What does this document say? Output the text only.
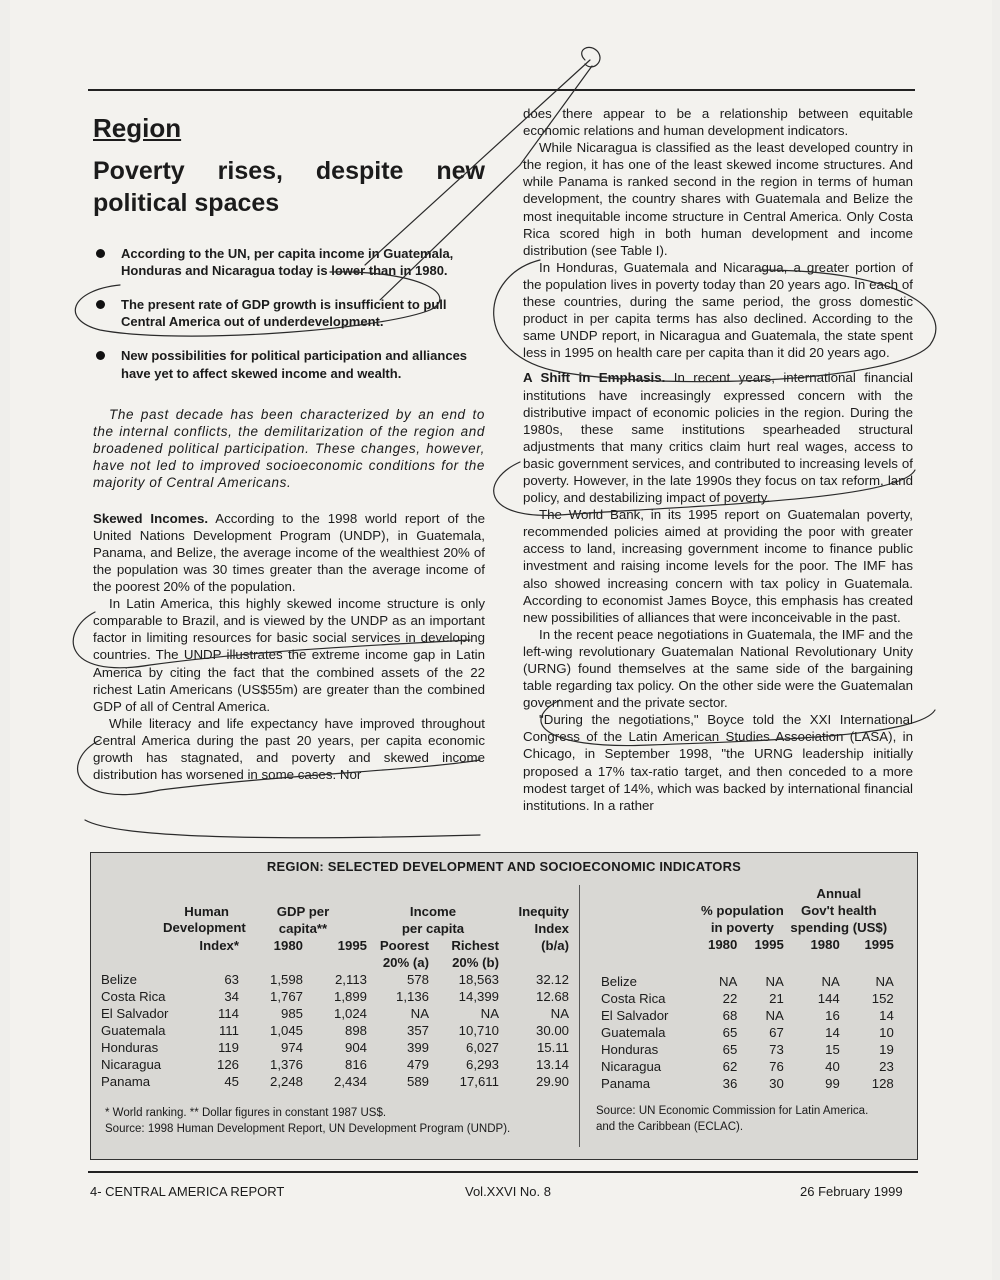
Region
Poverty rises, despite new political spaces
According to the UN, per capita income in Guatemala, Honduras and Nicaragua today is lower than in 1980.
The present rate of GDP growth is insufficient to pull Central America out of underdevelopment.
New possibilities for political participation and alliances have yet to affect skewed income and wealth.

The past decade has been characterized by an end to the internal conflicts, the demilitarization of the region and broadened political participation. These changes, however, have not led to improved socioeconomic conditions for the majority of Central Americans.

Skewed Incomes. According to the 1998 world report of the United Nations Development Program (UNDP), in Guatemala, Panama, and Belize, the average income of the wealthiest 20% of the population was 30 times greater than the average income of the poorest 20% of the population.

In Latin America, this highly skewed income structure is only comparable to Brazil, and is viewed by the UNDP as an important factor in limiting resources for basic social services in developing countries. The UNDP illustrates the extreme income gap in Latin America by citing the fact that the combined assets of the 22 richest Latin Americans (US$55m) are greater than the combined GDP of all of Central America.

While literacy and life expectancy have improved throughout Central America during the past 20 years, per capita economic growth has stagnated, and poverty and skewed income distribution has worsened in some cases. Nor

does there appear to be a relationship between equitable economic relations and human development indicators.

While Nicaragua is classified as the least developed country in the region, it has one of the least skewed income structures. And while Panama is ranked second in the region in terms of human development, the country shares with Guatemala and Belize the most inequitable income structure in Central America. Only Costa Rica scored high in both human development and income distribution (see Table I).

In Honduras, Guatemala and Nicaragua, a greater portion of the population lives in poverty today than 20 years ago. In each of these countries, during the same period, the gross domestic product in per capita terms has also declined. According to the same UNDP report, in Nicaragua and Guatemala, the state spent less in 1995 on health care per capita than it did 20 years ago.

A Shift in Emphasis. In recent years, international financial institutions have increasingly expressed concern with the distributive impact of economic policies in the region. During the 1980s, these same institutions spearheaded structural adjustments that many critics claim hurt real wages, access to basic government services, and contributed to increasing levels of poverty. However, in the late 1990s they focus on tax reform, land policy, and destabilizing impact of poverty.

The World Bank, in its 1995 report on Guatemalan poverty, recommended policies aimed at providing the poor with greater access to land, increasing government income to finance public investment and raising income levels for the poor. The IMF has also showed increasing concern with tax policy in Guatemala. According to economist James Boyce, this emphasis has created new possibilities of alliances that were inconceivable in the past.

In the recent peace negotiations in Guatemala, the IMF and the left-wing revolutionary Guatemalan National Revolutionary Unity (URNG) found themselves at the same side of the bargaining table regarding tax policy. On the other side were the Guatemalan government and the private sector.

"During the negotiations," Boyce told the XXI International Congress of the Latin American Studies Association (LASA), in Chicago, in September 1998, "the URNG leadership initially proposed a 17% tax-ratio target, and then conceded to a more modest target of 14%, which was backed by international financial institutions. In a rather

REGION: SELECTED DEVELOPMENT AND SOCIOECONOMIC INDICATORS
		GDP per		Income		Inequity
	Human	capita**		per capita		Index
	Index*	1980	1995	Poorest	Richest	(b/a)
				20% (a)	20% (b)	
Belize	63	1,598	2,113	578	18,563	32.12
Costa Rica	34	1,767	1,899	1,136	14,399	12.68
El Salvador	114	985	1,024	NA	NA	NA
Guatemala	111	1,045	898	357	10,710	30.00
Honduras	119	974	904	399	6,027	15.11
Nicaragua	126	1,376	816	479	6,293	13.14
Panama	45	2,248	2,434	589	17,611	29.90
Development
* World ranking. ** Dollar figures in constant 1987 US$.
Source: 1998 Human Development Report, UN Development Program (UNDP).
			Annual	
	% population		Gov't health	
	in poverty		spending (US$)	
	1980	1995	1980	1995

Belize	NA	NA	NA	NA
Costa Rica	22	21	144	152
El Salvador	68	NA	16	14
Guatemala	65	67	14	10
Honduras	65	73	15	19
Nicaragua	62	76	40	23
Panama	36	30	99	128
Source: UN Economic Commission for Latin America.
and the Caribbean (ECLAC).
4- CENTRAL AMERICA REPORT	Vol.XXVI No. 8	26 February 1999
